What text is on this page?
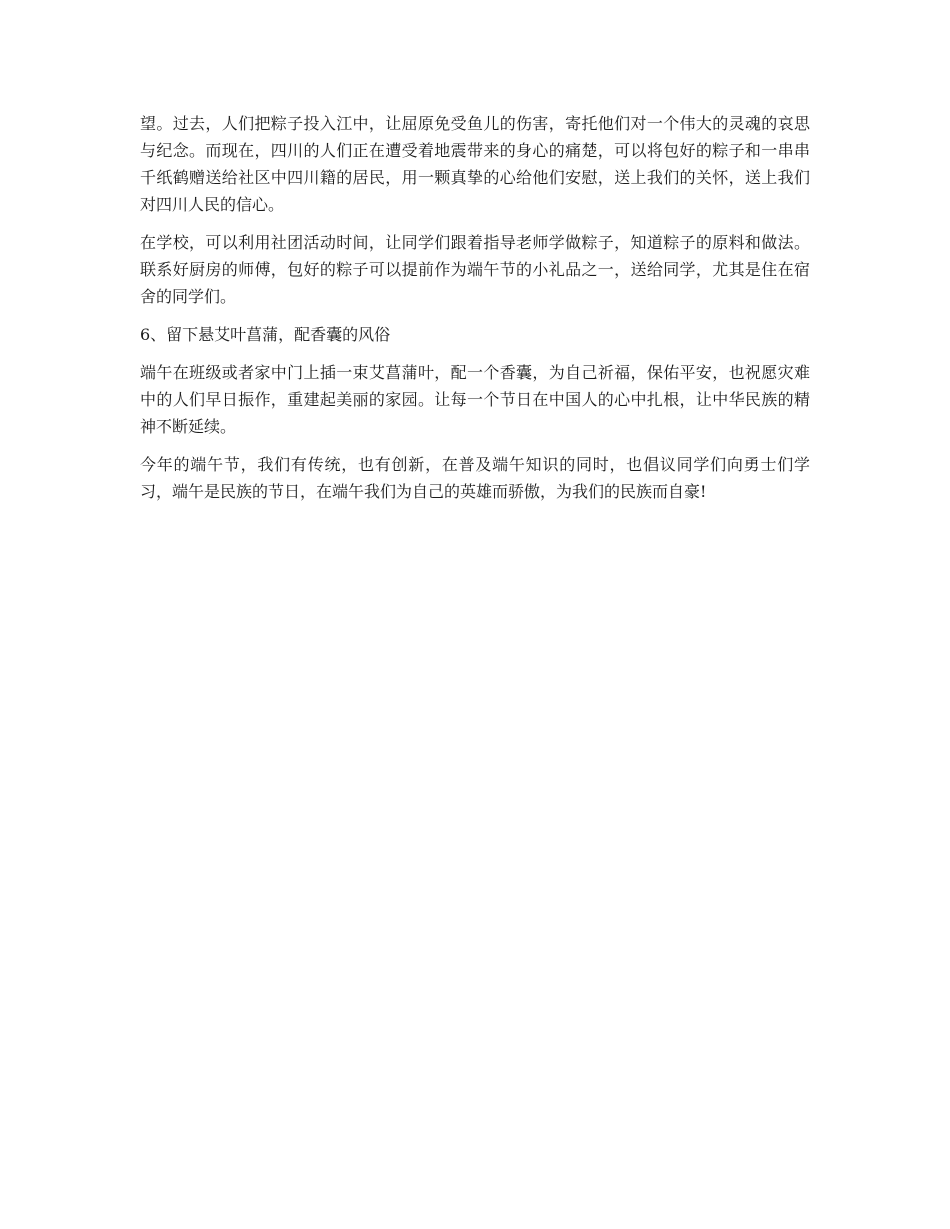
望。过去，人们把粽子投入江中，让屈原免受鱼儿的伤害，寄托他们对一个伟大的灵魂的哀思与纪念。而现在，四川的人们正在遭受着地震带来的身心的痛楚，可以将包好的粽子和一串串千纸鹤赠送给社区中四川籍的居民，用一颗真挚的心给他们安慰，送上我们的关怀，送上我们对四川人民的信心。

在学校，可以利用社团活动时间，让同学们跟着指导老师学做粽子，知道粽子的原料和做法。联系好厨房的师傅，包好的粽子可以提前作为端午节的小礼品之一，送给同学，尤其是住在宿舍的同学们。

6、留下悬艾叶菖蒲，配香囊的风俗

端午在班级或者家中门上插一束艾菖蒲叶，配一个香囊，为自己祈福，保佑平安，也祝愿灾难中的人们早日振作，重建起美丽的家园。让每一个节日在中国人的心中扎根，让中华民族的精神不断延续。

今年的端午节，我们有传统，也有创新，在普及端午知识的同时，也倡议同学们向勇士们学习，端午是民族的节日，在端午我们为自己的英雄而骄傲，为我们的民族而自豪!
